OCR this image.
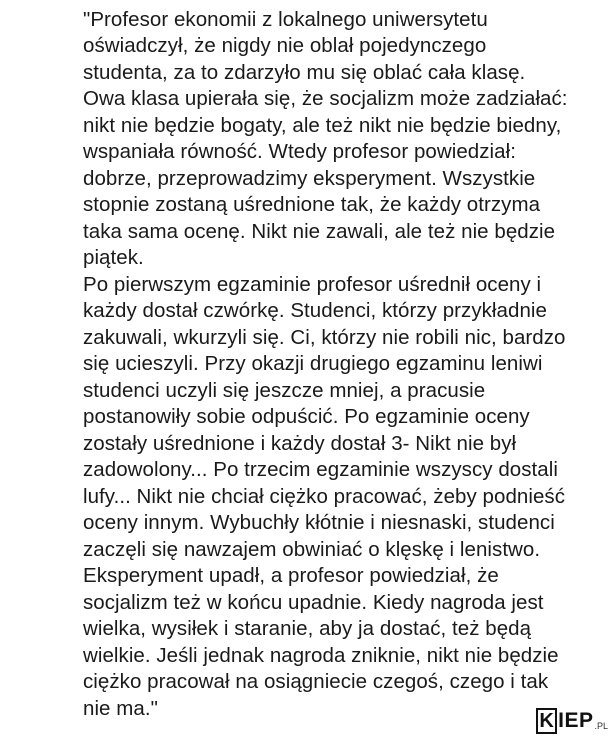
"Profesor ekonomii z lokalnego uniwersytetu

oświadczył, że nigdy nie oblał pojedynczego

studenta, za to zdarzyło mu się oblać cała klasę.

Owa klasa upierała się, że socjalizm może zadziałać:

nikt nie będzie bogaty, ale też nikt nie będzie biedny,

wspaniała równość. Wtedy profesor powiedział:

dobrze, przeprowadzimy eksperyment. Wszystkie

stopnie zostaną uśrednione tak, że każdy otrzyma

taka sama ocenę. Nikt nie zawali, ale też nie będzie

piątek.

Po pierwszym egzaminie profesor uśrednił oceny i

każdy dostał czwórkę. Studenci, którzy przykładnie

zakuwali, wkurzyli się. Ci, którzy nie robili nic, bardzo

się ucieszyli. Przy okazji drugiego egzaminu leniwi

studenci uczyli się jeszcze mniej, a pracusie

postanowiły sobie odpuścić. Po egzaminie oceny

zostały uśrednione i każdy dostał 3- Nikt nie był

zadowolony... Po trzecim egzaminie wszyscy dostali

lufy... Nikt nie chciał ciężko pracować, żeby podnieść

oceny innym. Wybuchły kłótnie i niesnaski, studenci

zaczęli się nawzajem obwiniać o klęskę i lenistwo.

Eksperyment upadł, a profesor powiedział, że

socjalizm też w końcu upadnie. Kiedy nagroda jest

wielka, wysiłek i staranie, aby ja dostać, też będą

wielkie. Jeśli jednak nagroda zniknie, nikt nie będzie

ciężko pracował na osiągniecie czegoś, czego i tak

nie ma."

K IEP .PL
